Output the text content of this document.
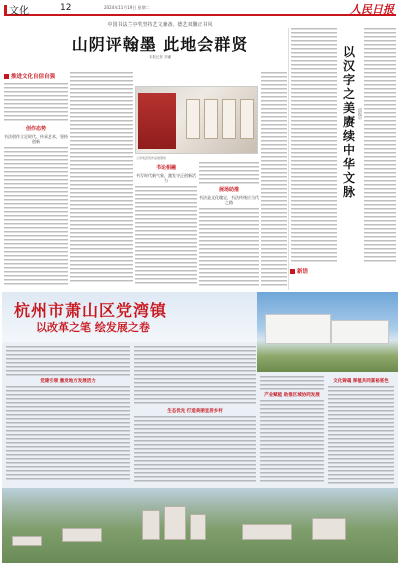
文化	12	2024年11月19日 星期二	人民日报
中国书法兰亭奖坚持艺文兼备、德艺双馨正书风
山阴评翰墨 此地会群贤
本报记者 刘谦
推进文化自信自强
创作态势
书法创作立足时代、传承艺术，坚持创新
兰亭奖获奖作品展现场
书论相融
书写时代新气象，激发守正创新活力
展场助推
书法是文化瑰宝，书法传统应当代之路
以汉字之美赓续中华文脉
邱振中
新语
杭州市萧山区党湾镇
以改革之笔 绘发展之卷
党建引领 激发地方发展活力
生态优先 打造美丽宜居乡村
产业赋能 助推区域协同发展
文化铸魂 厚植共同富裕底色
